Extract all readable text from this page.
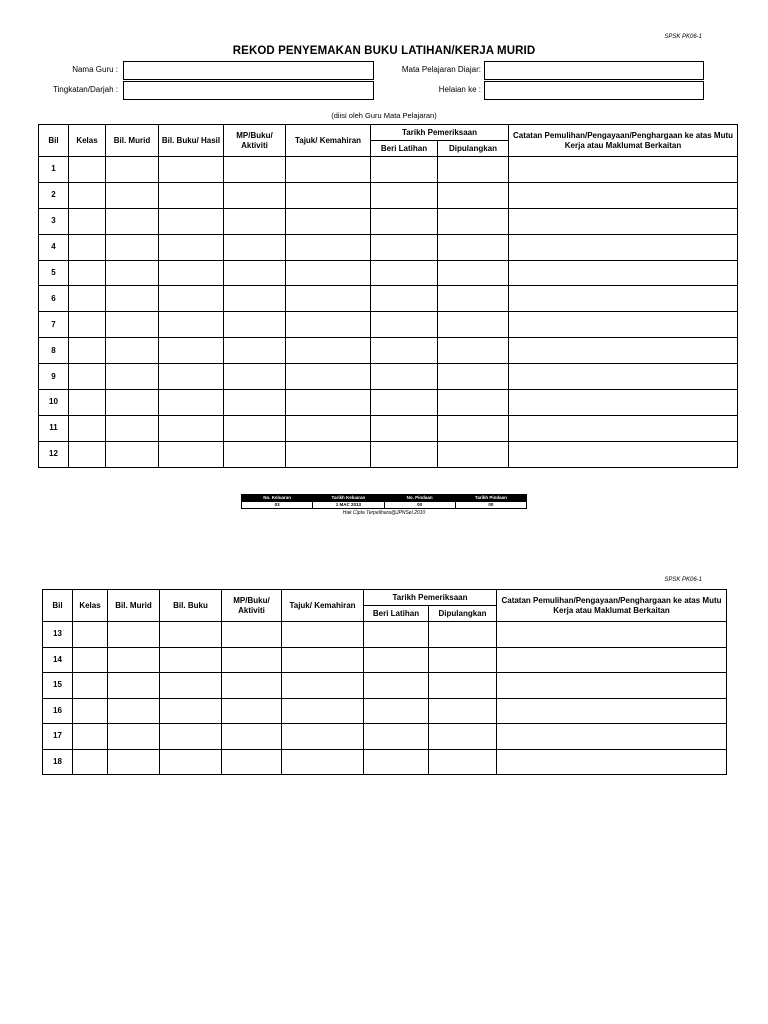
SPSK PK06-1
REKOD PENYEMAKAN BUKU LATIHAN/KERJA MURID
Nama Guru :
Tingkatan/Darjah :
Mata Pelajaran Diajar:
Helaian ke :
(diisi oleh Guru Mata Pelajaran)
Bil	Kelas	Bil. Murid	Bil. Buku/ Hasil	MP/Buku/ Aktiviti	Tajuk/ Kemahiran	Tarikh Pemeriksaan		Catatan Pemulihan/Pengayaan/Penghargaan ke atas Mutu Kerja atau Maklumat Berkaitan
						Beri Latihan	Dipulangkan	
1								
2								
3								
4								
5								
6								
7								
8								
9								
10								
11								
12								
No. Keluaran	Tarikh Keluaran	No. Pindaan	Tarikh Pindaan
03	1 MAC 2013	00	00
Hak Cipta Terpelihara@JPNSel.2010
SPSK PK06-1
Bil	Kelas	Bil. Murid	Bil. Buku	MP/Buku/ Aktiviti	Tajuk/ Kemahiran	Tarikh Pemeriksaan		Catatan Pemulihan/Pengayaan/Penghargaan ke atas Mutu Kerja atau Maklumat Berkaitan
						Beri Latihan	Dipulangkan	
13								
14								
15								
16								
17								
18								
